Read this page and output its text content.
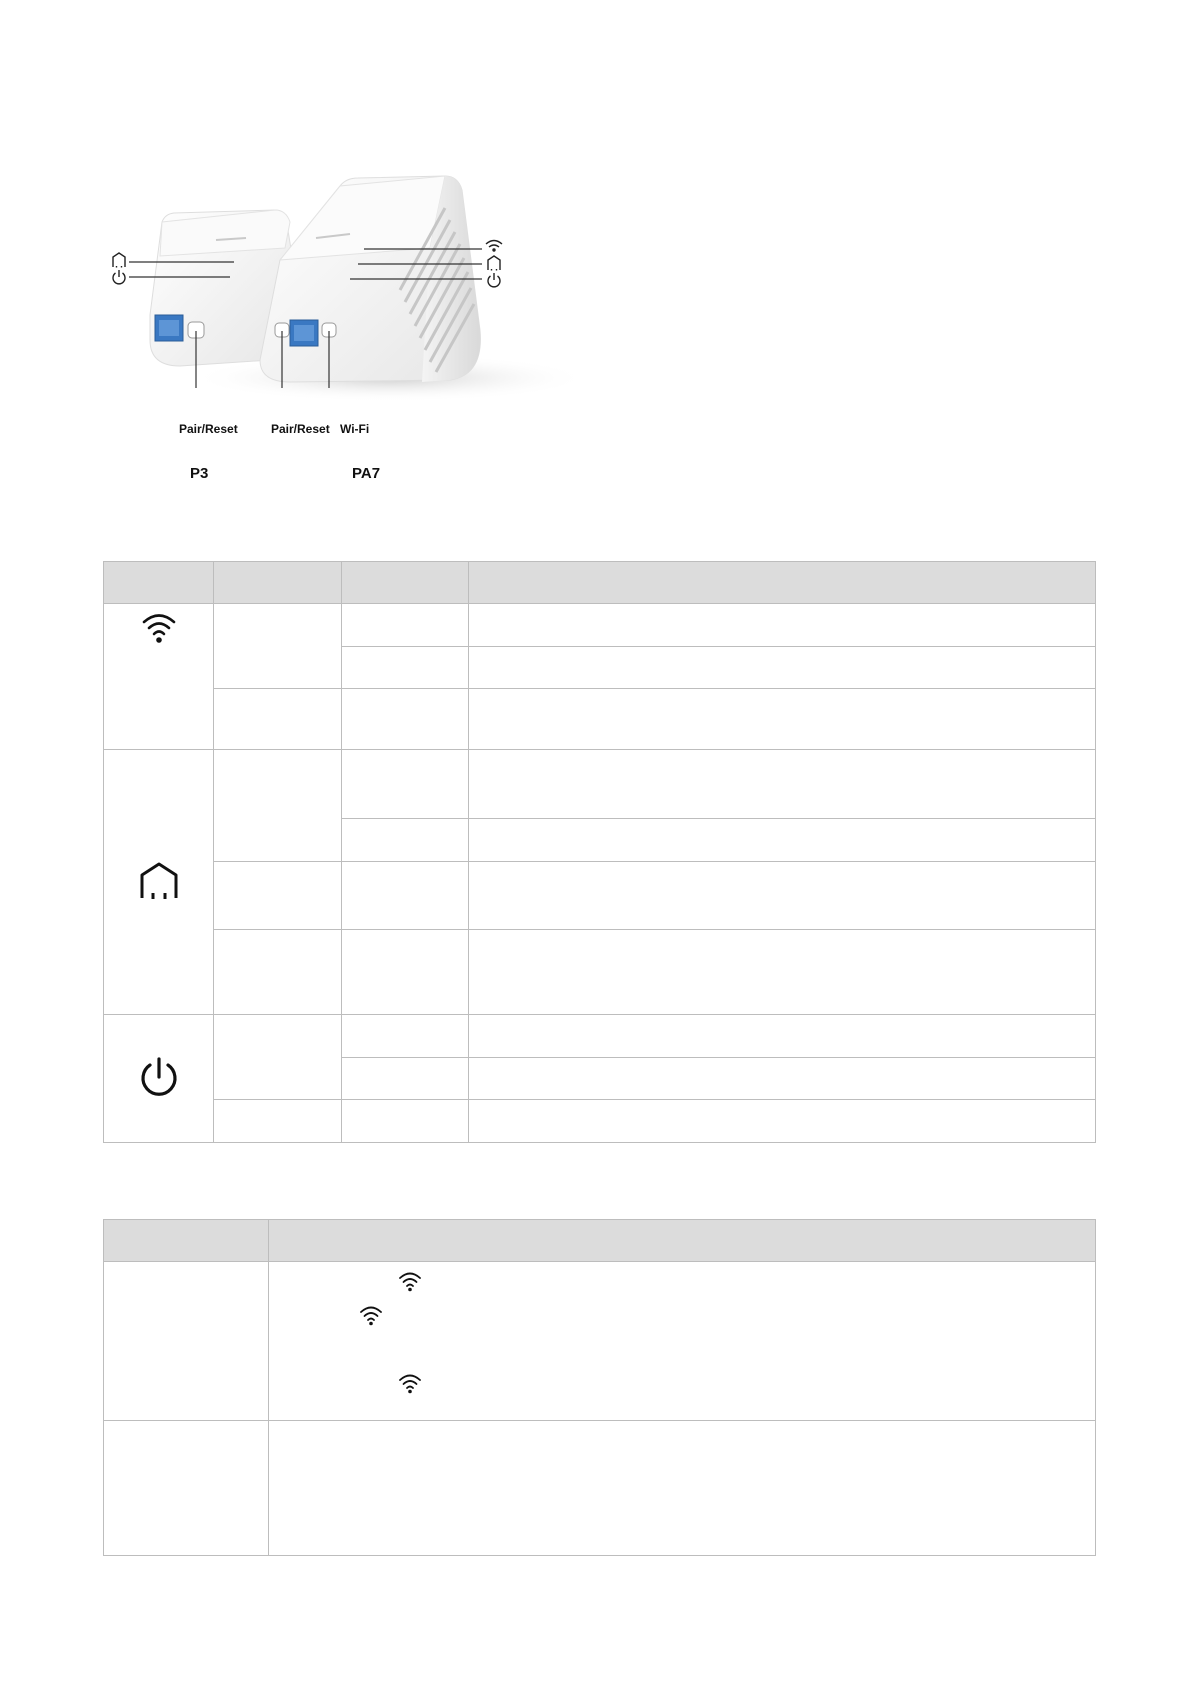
Pair/Reset	Pair/Reset Wi-Fi
P3	PA7
